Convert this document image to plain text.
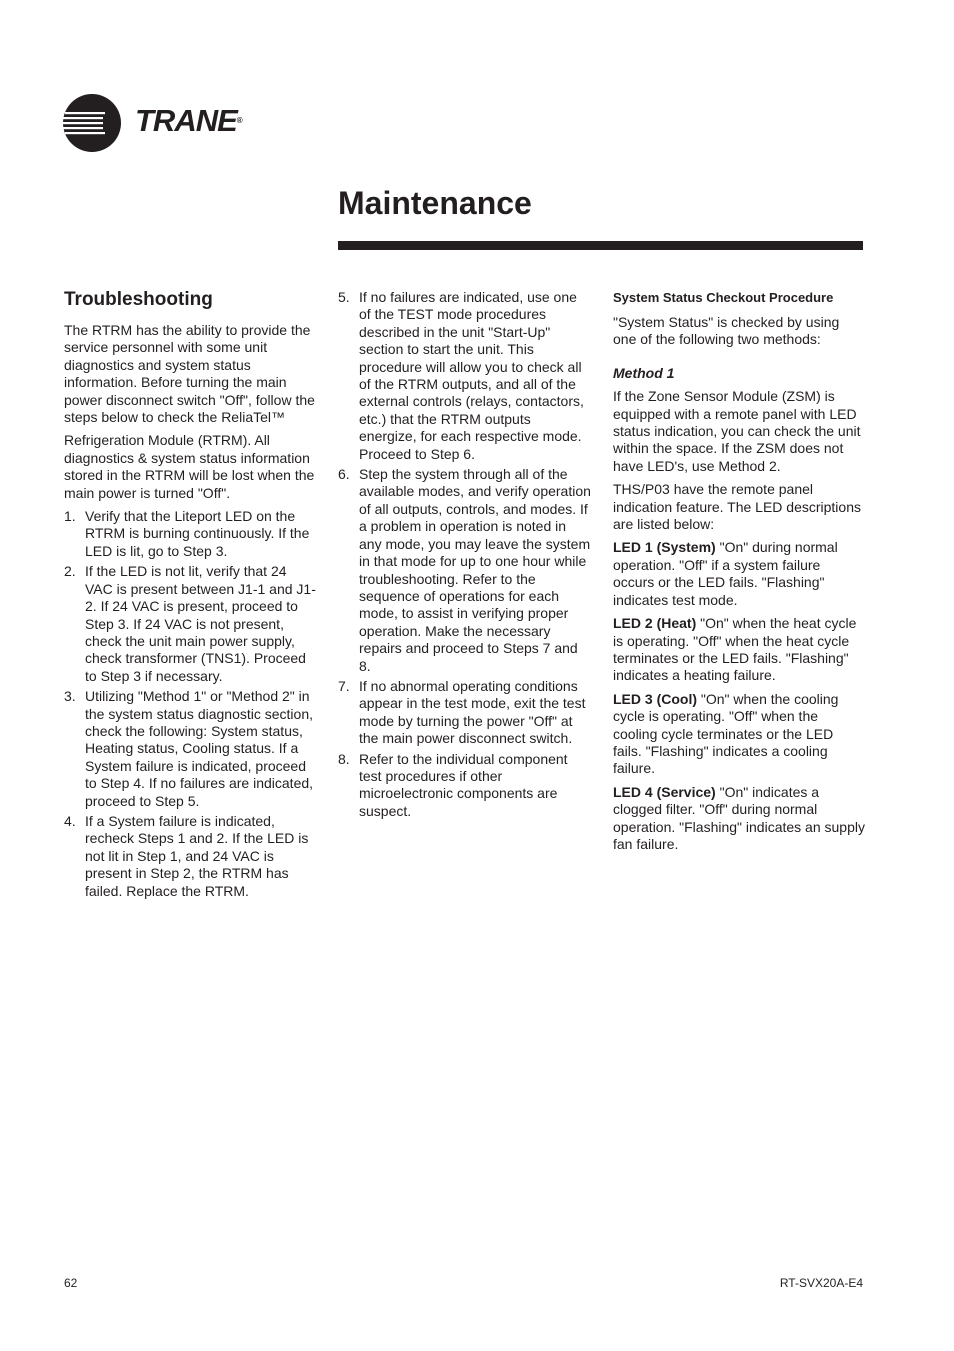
TRANE®
Maintenance
Troubleshooting

The RTRM has the ability to provide the service personnel with some unit diagnostics and system status information. Before turning the main power disconnect switch "Off", follow the steps below to check the ReliaTel™

Refrigeration Module (RTRM). All diagnostics & system status information stored in the RTRM will be lost when the main power is turned "Off".

1. Verify that the Liteport LED on the RTRM is burning continuously. If the LED is lit, go to Step 3.
2. If the LED is not lit, verify that 24 VAC is present between J1-1 and J1-2. If 24 VAC is present, proceed to Step 3. If 24 VAC is not present, check the unit main power supply, check transformer (TNS1). Proceed to Step 3 if necessary.
3. Utilizing "Method 1" or "Method 2" in the system status diagnostic section, check the following: System status, Heating status, Cooling status. If a System failure is indicated, proceed to Step 4. If no failures are indicated, proceed to Step 5.
4. If a System failure is indicated, recheck Steps 1 and 2. If the LED is not lit in Step 1, and 24 VAC is present in Step 2, the RTRM has failed. Replace the RTRM.
5. If no failures are indicated, use one of the TEST mode procedures described in the unit "Start-Up" section to start the unit. This procedure will allow you to check all of the RTRM outputs, and all of the external controls (relays, contactors, etc.) that the RTRM outputs energize, for each respective mode. Proceed to Step 6.
6. Step the system through all of the available modes, and verify operation of all outputs, controls, and modes. If a problem in operation is noted in any mode, you may leave the system in that mode for up to one hour while troubleshooting. Refer to the sequence of operations for each mode, to assist in verifying proper operation. Make the necessary repairs and proceed to Steps 7 and 8.
7. If no abnormal operating conditions appear in the test mode, exit the test mode by turning the power "Off" at the main power disconnect switch.
8. Refer to the individual component test procedures if other microelectronic components are suspect.

System Status Checkout Procedure

"System Status" is checked by using one of the following two methods:

Method 1

If the Zone Sensor Module (ZSM) is equipped with a remote panel with LED status indication, you can check the unit within the space. If the ZSM does not have LED's, use Method 2.

THS/P03 have the remote panel indication feature. The LED descriptions are listed below:

LED 1 (System) "On" during normal operation. "Off" if a system failure occurs or the LED fails. "Flashing" indicates test mode.

LED 2 (Heat) "On" when the heat cycle is operating. "Off" when the heat cycle terminates or the LED fails. "Flashing" indicates a heating failure.

LED 3 (Cool) "On" when the cooling cycle is operating. "Off" when the cooling cycle terminates or the LED fails. "Flashing" indicates a cooling failure.

LED 4 (Service) "On" indicates a clogged filter. "Off" during normal operation. "Flashing" indicates an supply fan failure.

62	RT-SVX20A-E4
